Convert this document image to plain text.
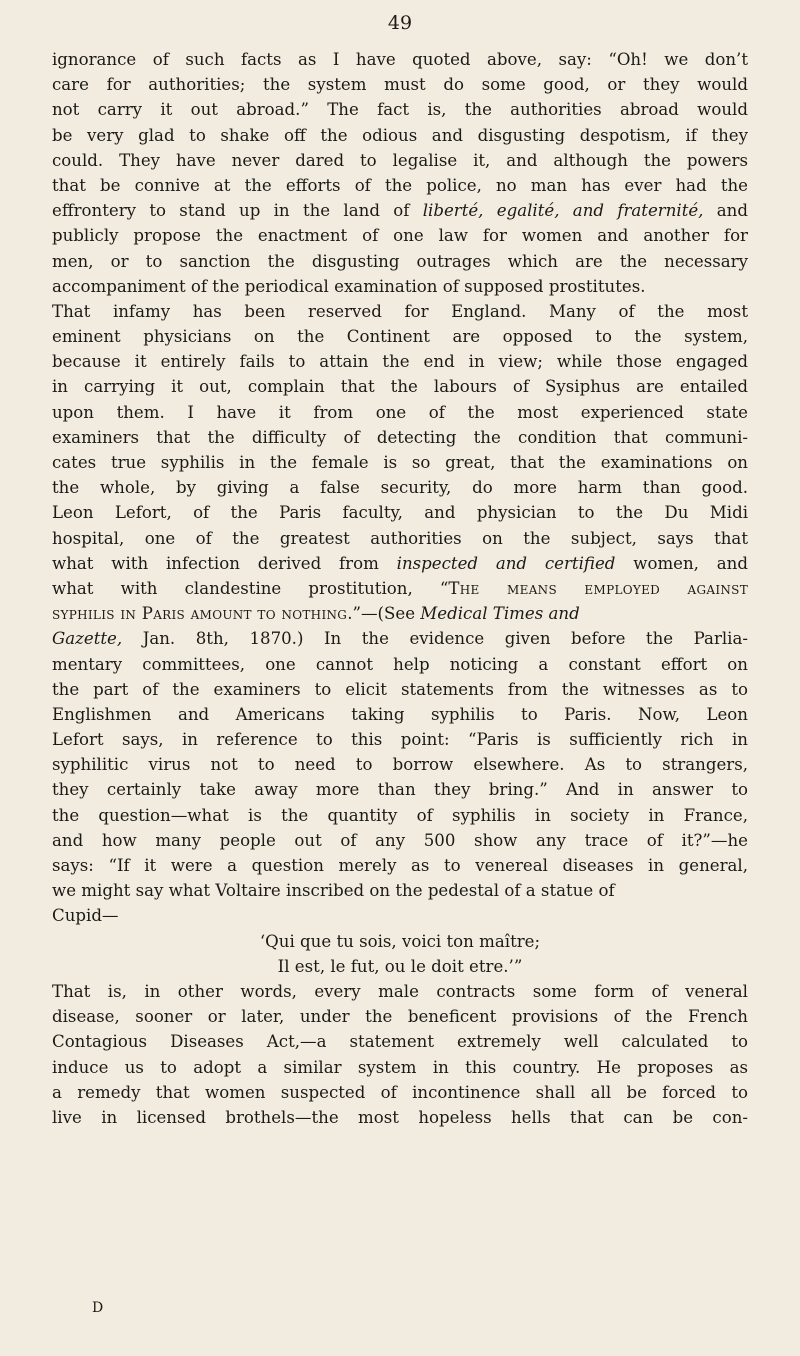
49
ignorance of such facts as I have quoted above, say: “Oh! we don’t
care for authorities; the system must do some good, or they would
not carry it out abroad.” The fact is, the authorities abroad would
be very glad to shake off the odious and disgusting despotism, if they
could. They have never dared to legalise it, and although the powers
that be connive at the efforts of the police, no man has ever had the
effrontery to stand up in the land of liberté, egalité, and fraternité, and
publicly propose the enactment of one law for women and another for
men, or to sanction the disgusting outrages which are the necessary
accompaniment of the periodical examination of supposed prostitutes.
That infamy has been reserved for England. Many of the most
eminent physicians on the Continent are opposed to the system,
because it entirely fails to attain the end in view; while those engaged
in carrying it out, complain that the labours of Sysiphus are entailed
upon them. I have it from one of the most experienced state
examiners that the difficulty of detecting the condition that communi-
cates true syphilis in the female is so great, that the examinations on
the whole, by giving a false security, do more harm than good.
Leon Lefort, of the Paris faculty, and physician to the Du Midi
hospital, one of the greatest authorities on the subject, says that
what with infection derived from inspected and certified women, and
what with clandestine prostitution, “The means employed against
syphilis in Paris amount to nothing.”—(See Medical Times and
Gazette, Jan. 8th, 1870.) In the evidence given before the Parlia-
mentary committees, one cannot help noticing a constant effort on
the part of the examiners to elicit statements from the witnesses as to
Englishmen and Americans taking syphilis to Paris. Now, Leon
Lefort says, in reference to this point: “Paris is sufficiently rich in
syphilitic virus not to need to borrow elsewhere. As to strangers,
they certainly take away more than they bring.” And in answer to
the question—what is the quantity of syphilis in society in France,
and how many people out of any 500 show any trace of it?”—he
says: “If it were a question merely as to venereal diseases in general,
we might say what Voltaire inscribed on the pedestal of a statue of
Cupid—
‘Qui que tu sois, voici ton maître;
Il est, le fut, ou le doit etre.’”
That is, in other words, every male contracts some form of veneral
disease, sooner or later, under the beneficent provisions of the French
Contagious Diseases Act,—a statement extremely well calculated to
induce us to adopt a similar system in this country. He proposes as
a remedy that women suspected of incontinence shall all be forced to
live in licensed brothels—the most hopeless hells that can be con-
D
